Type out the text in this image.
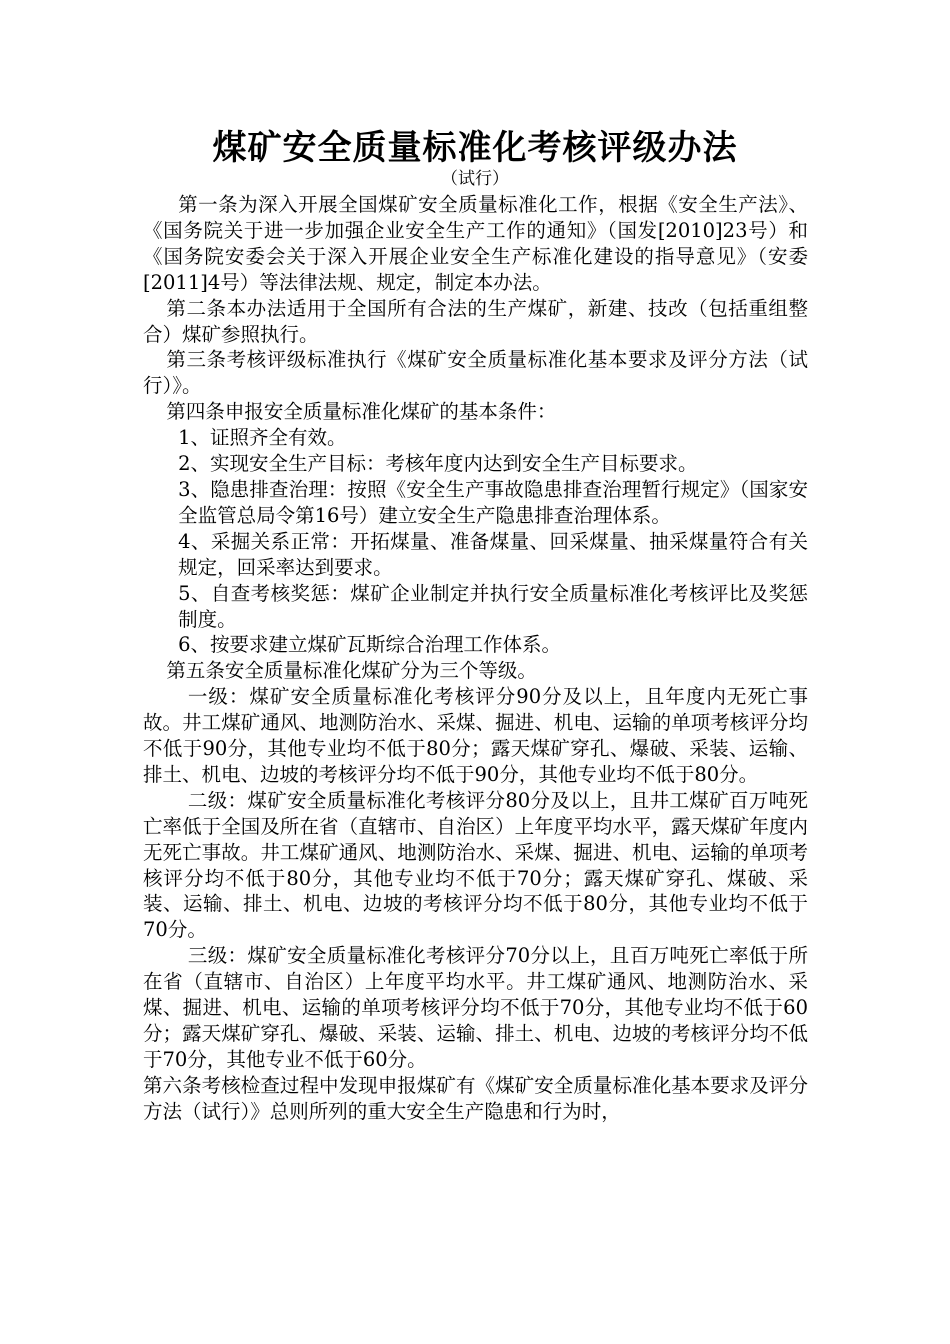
煤矿安全质量标准化考核评级办法
（试行）

第一条为深入开展全国煤矿安全质量标准化工作，根据《安全生产法》、《国务院关于进一步加强企业安全生产工作的通知》（国发[2010]23号）和《国务院安委会关于深入开展企业安全生产标准化建设的指导意见》（安委[2011]4号）等法律法规、规定，制定本办法。

第二条本办法适用于全国所有合法的生产煤矿，新建、技改（包括重组整合）煤矿参照执行。

第三条考核评级标准执行《煤矿安全质量标准化基本要求及评分方法（试行）》。

第四条申报安全质量标准化煤矿的基本条件：

1、证照齐全有效。

2、实现安全生产目标：考核年度内达到安全生产目标要求。

3、隐患排查治理：按照《安全生产事故隐患排查治理暂行规定》（国家安全监管总局令第16号）建立安全生产隐患排查治理体系。

4、采掘关系正常：开拓煤量、准备煤量、回采煤量、抽采煤量符合有关规定，回采率达到要求。

5、自查考核奖惩：煤矿企业制定并执行安全质量标准化考核评比及奖惩制度。

6、按要求建立煤矿瓦斯综合治理工作体系。

第五条安全质量标准化煤矿分为三个等级。

一级：煤矿安全质量标准化考核评分90分及以上，且年度内无死亡事故。井工煤矿通风、地测防治水、采煤、掘进、机电、运输的单项考核评分均不低于90分，其他专业均不低于80分；露天煤矿穿孔、爆破、采装、运输、排土、机电、边坡的考核评分均不低于90分，其他专业均不低于80分。

二级：煤矿安全质量标准化考核评分80分及以上，且井工煤矿百万吨死亡率低于全国及所在省（直辖市、自治区）上年度平均水平，露天煤矿年度内无死亡事故。井工煤矿通风、地测防治水、采煤、掘进、机电、运输的单项考核评分均不低于80分，其他专业均不低于70分；露天煤矿穿孔、煤破、采装、运输、排土、机电、边坡的考核评分均不低于80分，其他专业均不低于70分。

三级：煤矿安全质量标准化考核评分70分以上，且百万吨死亡率低于所在省（直辖市、自治区）上年度平均水平。井工煤矿通风、地测防治水、采煤、掘进、机电、运输的单项考核评分均不低于70分，其他专业均不低于60分；露天煤矿穿孔、爆破、采装、运输、排土、机电、边坡的考核评分均不低于70分，其他专业不低于60分。

第六条考核检查过程中发现申报煤矿有《煤矿安全质量标准化基本要求及评分方法（试行）》总则所列的重大安全生产隐患和行为时，
